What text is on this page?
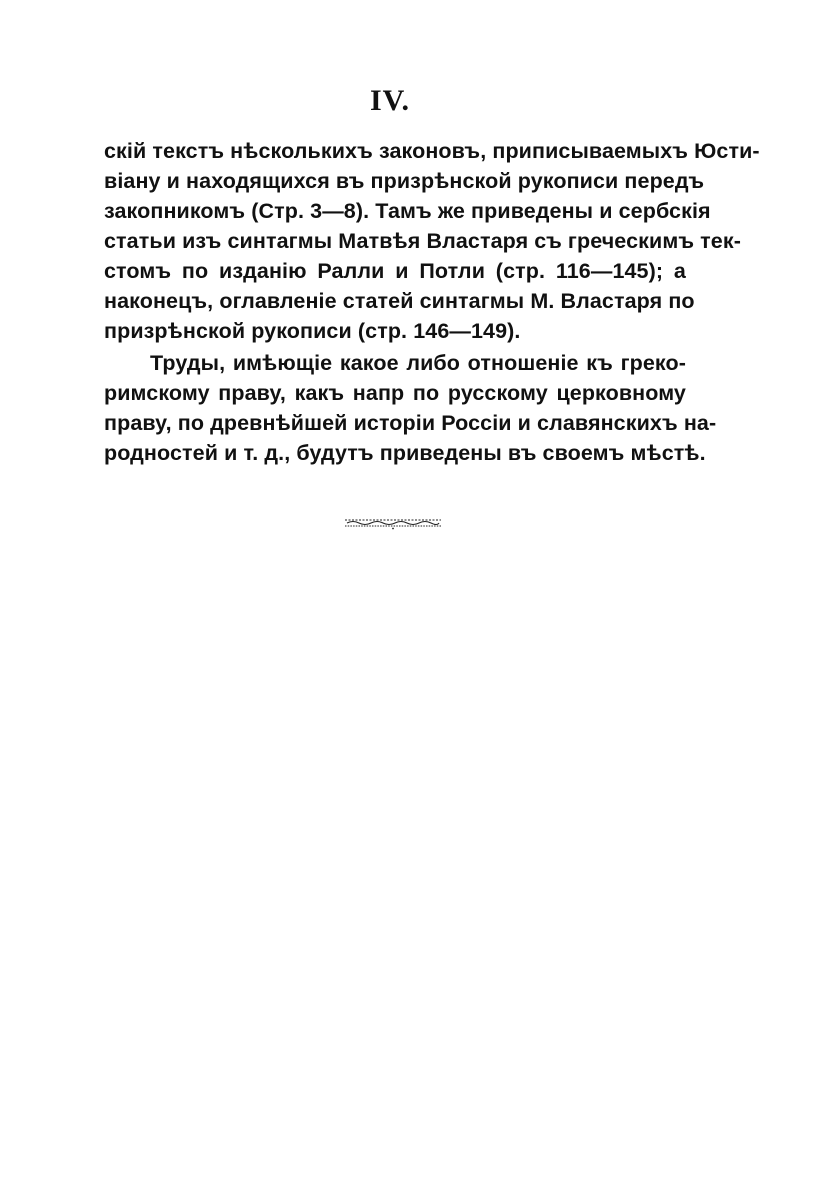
IV.
скій текстъ нѣсколькихъ законовъ, приписываемыхъ Юсти-
віану и находящихся въ призрѣнской рукописи передъ
закопникомъ (Стр. 3—8). Тамъ же приведены и сербскія
статьи изъ синтагмы Матвѣя Властаря съ греческимъ тек-
стомъ по изданію Ралли и Потли (стр. 116—145); а
наконецъ, оглавленіе статей синтагмы М. Властаря по
призрѣнской рукописи (стр. 146—149).
Труды, имѣющіе какое либо отношеніе къ греко-
римскому праву, какъ напр по русскому церковному
праву, по древнѣйшей исторіи Россіи и славянскихъ на-
родностей и т. д., будутъ приведены въ своемъ мѣстѣ.
